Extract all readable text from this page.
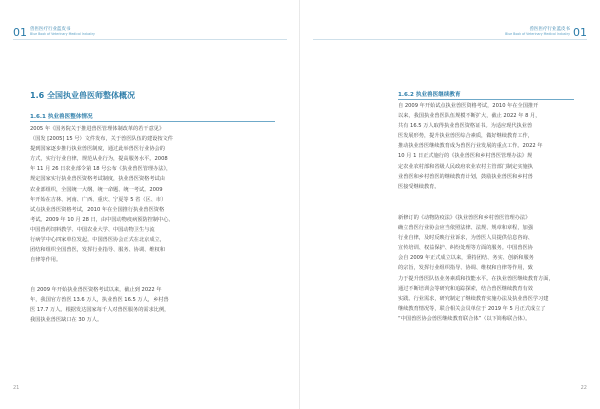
01 兽医医疗行业蓝皮书
Blue Book of Veterinary Medical Industry
1.6 全国执业兽医师整体概况
1.6.1 执业兽医整体情况
2005 年《国务院关于推进兽医管理体制改革的若干意见》
（国发 [2005] 15 号）文件发布，关于兽医队伍的建设按文件
提到国家逐步推行执业兽医制度，通过此举兽医行业协会的
方式，实行行业自律，规范从业行为，提高服务水平。2008
年 11 月 26 日农业部令第 18 号公布《执业兽医管理办法》，
规定国家实行执业兽医资格考试制度，执业兽医资格考试由
农业部组织，全国统一大纲、统一命题、统一考试。2009
年开始在吉林、河南、广西、重庆、宁夏等 5 省（区、市）
试点执业兽医资格考试，2010 年在全国推行执业兽医资格
考试。2009 年 10 月 28 日，由中国动物疫病预防控制中心、
中国兽药饲料教学、中国农业大学、中国动物卫生与流
行病学中心四家单位发起，中国兽医协会正式在北京成立，
团结和组织全国兽医，发挥行业指导、服务、协调、维权和
自律等作用。
自 2009 年开始执业兽医资格考试以来，截止到 2022 年
年，我国官方兽医 13.6 万人，执业兽医 16.5 万人，乡村兽
医 17.7 万人。根据发达国家每千人对兽医服务的需求比例，
我国执业兽医缺口在 30 万人。
21
兽医医疗行业蓝皮书
Blue Book of Veterinary Medical Industry 01
1.6.2 执业兽医继续教育
自 2009 年开始试点执业兽医资格考试，2010 年在全国推开
以来，我国执业兽医队伍规模不断扩大，截止 2022 年 8 月，
共有 16.5 万人取得执业兽医资格证书。为适应现代执业兽
医发展形势，提升执业兽医综合素质，做好继续教育工作，
推动执业兽医继续教育成为兽医行业发展的重点工作。2022 年
10 月 1 日正式施行的《执业兽医和乡村兽医管理办法》规
定农业农村部和省级人民政府农业农村主管部门制定实施执
业兽医和乡村兽医的继续教育计划，鼓励执业兽医和乡村兽
医接受继续教育。
新修订的《动物防疫法》《执业兽医和乡村兽医管理办法》
确立兽医行业协会应当依照法律、法规、规章和章程，加强
行业自律，及时反映行业诉求，为兽医人员提供信息咨询、
宣传培训、权益保护、纠纷处理等方面的服务。中国兽医协
会自 2009 年正式成立以来，秉持团结、务实、创新和服务
的宗旨，发挥行业组织指导、协调、维权和自律等作用，致
力于提升兽医队伍业务素质和技能水平。在执业兽医继续教育方面，
通过不断培训会等研究和追踪探索，结合兽医继续教育有效
实践、行业需求，研究制定了继续教育实施办法及执业兽医学习建
继续教育情况等，联合相关会员单位于 2019 年 5 月正式成立了
“中国兽医协会兽医继续教育联合体”（以下简称联合体）。
22
